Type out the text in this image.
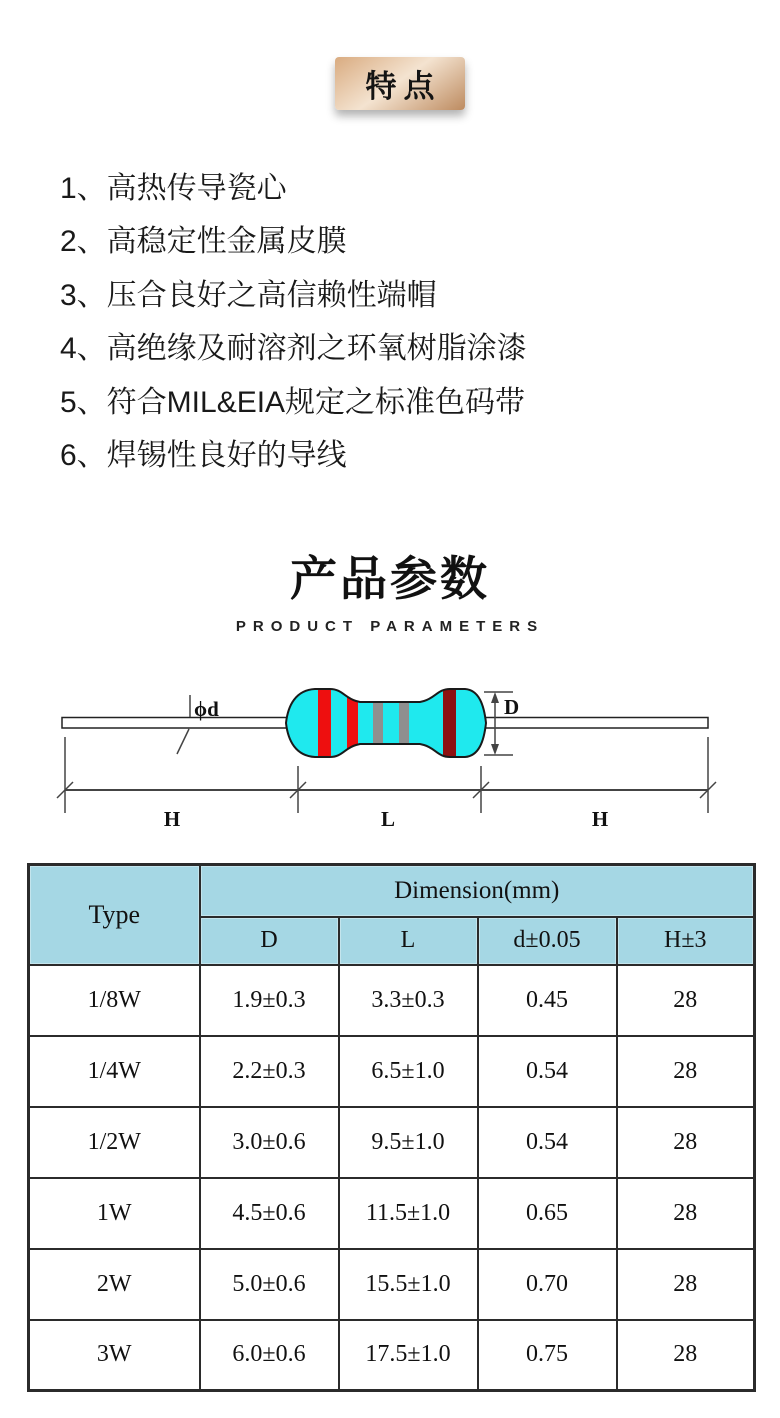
特点
1、高热传导瓷心
2、高稳定性金属皮膜
3、压合良好之高信赖性端帽
4、高绝缘及耐溶剂之环氧树脂涂漆
5、符合MIL&EIA规定之标准色码带
6、焊锡性良好的导线
产品参数
PRODUCT PARAMETERS
ϕd	D
H	L	H
Type	Dimension(mm)			
	D	L	d±0.05	H±3
1/8W	1.9±0.3	3.3±0.3	0.45	28
1/4W	2.2±0.3	6.5±1.0	0.54	28
1/2W	3.0±0.6	9.5±1.0	0.54	28
1W	4.5±0.6	11.5±1.0	0.65	28
2W	5.0±0.6	15.5±1.0	0.70	28
3W	6.0±0.6	17.5±1.0	0.75	28
